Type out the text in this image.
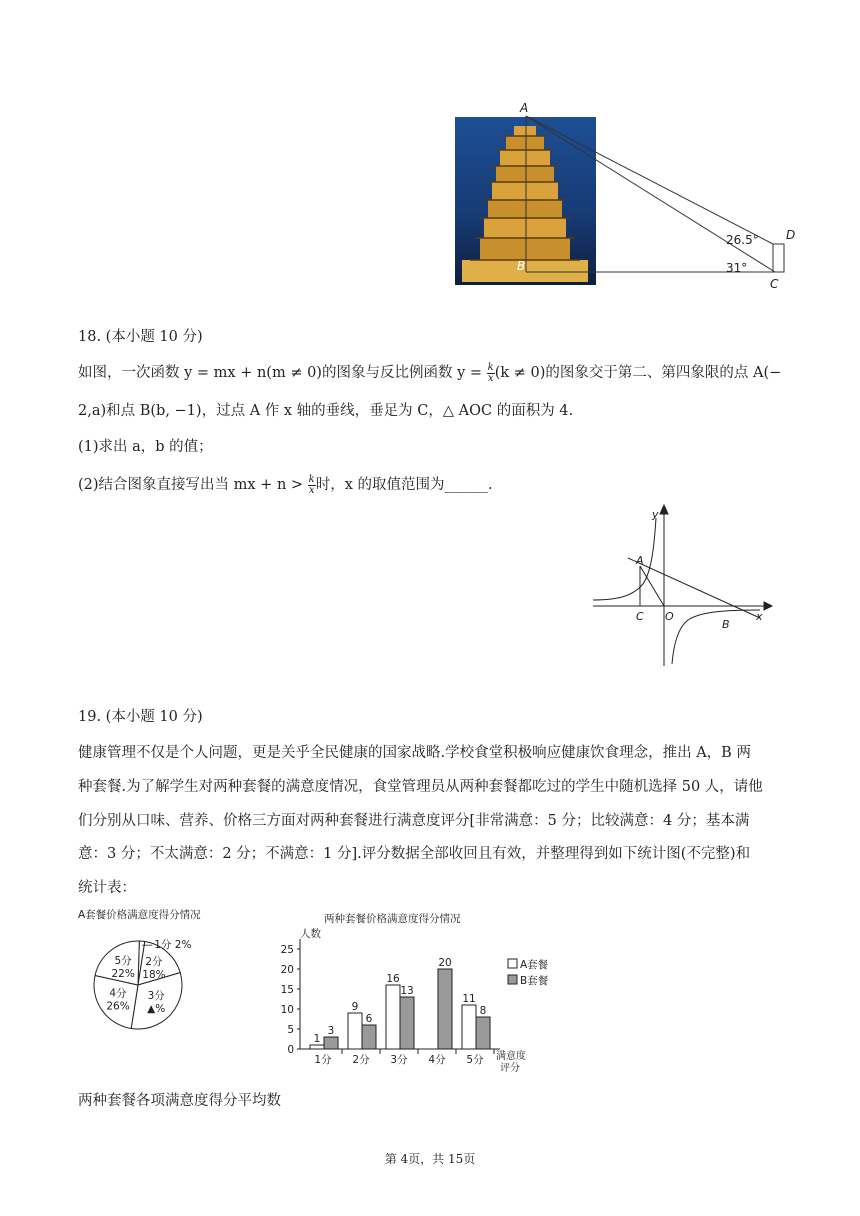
A
B
C
D
26.5°
31°
18. (本小题 10 分)
如图，一次函数 y = mx + n(m ≠ 0)的图象与反比例函数 $y = \frac{k}{x} (k \ne 0)$的图象交于第二、第四象限的点 A(−
2,a)和点 B(b, −1)，过点 A 作 x 轴的垂线，垂足为 C，△ AOC 的面积为 4.
(1)求出 a，b 的值；
(2)结合图象直接写出当 mx + $n > \frac{k}{x}$ 时，x 的取值范围为______.
y
x
A
C O
B
19. (本小题 10 分)
健康管理不仅是个人问题，更是关乎全民健康的国家战略.学校食堂积极响应健康饮食理念，推出 A，B 两
种套餐.为了解学生对两种套餐的满意度情况，食堂管理员从两种套餐都吃过的学生中随机选择 50 人，请他
们分别从口味、营养、价格三方面对两种套餐进行满意度评分[非常满意：5 分；比较满意：4 分；基本满
意：3 分；不太满意：2 分；不满意：1 分].评分数据全部收回且有效，并整理得到如下统计图(不完整)和
统计表：
A套餐价格满意度得分情况
1分 2%
2分
18%
3分
▲%
4分
26%
5分
22%
两种套餐价格满意度得分情况
人数
0
5
10
15
20
25
1分 2分 3分 4分 5分
1
3
9
6
16
13
20
11
8
A套餐
B套餐
满意度
评分
两种套餐各项满意度得分平均数
第 4页，共 15页
